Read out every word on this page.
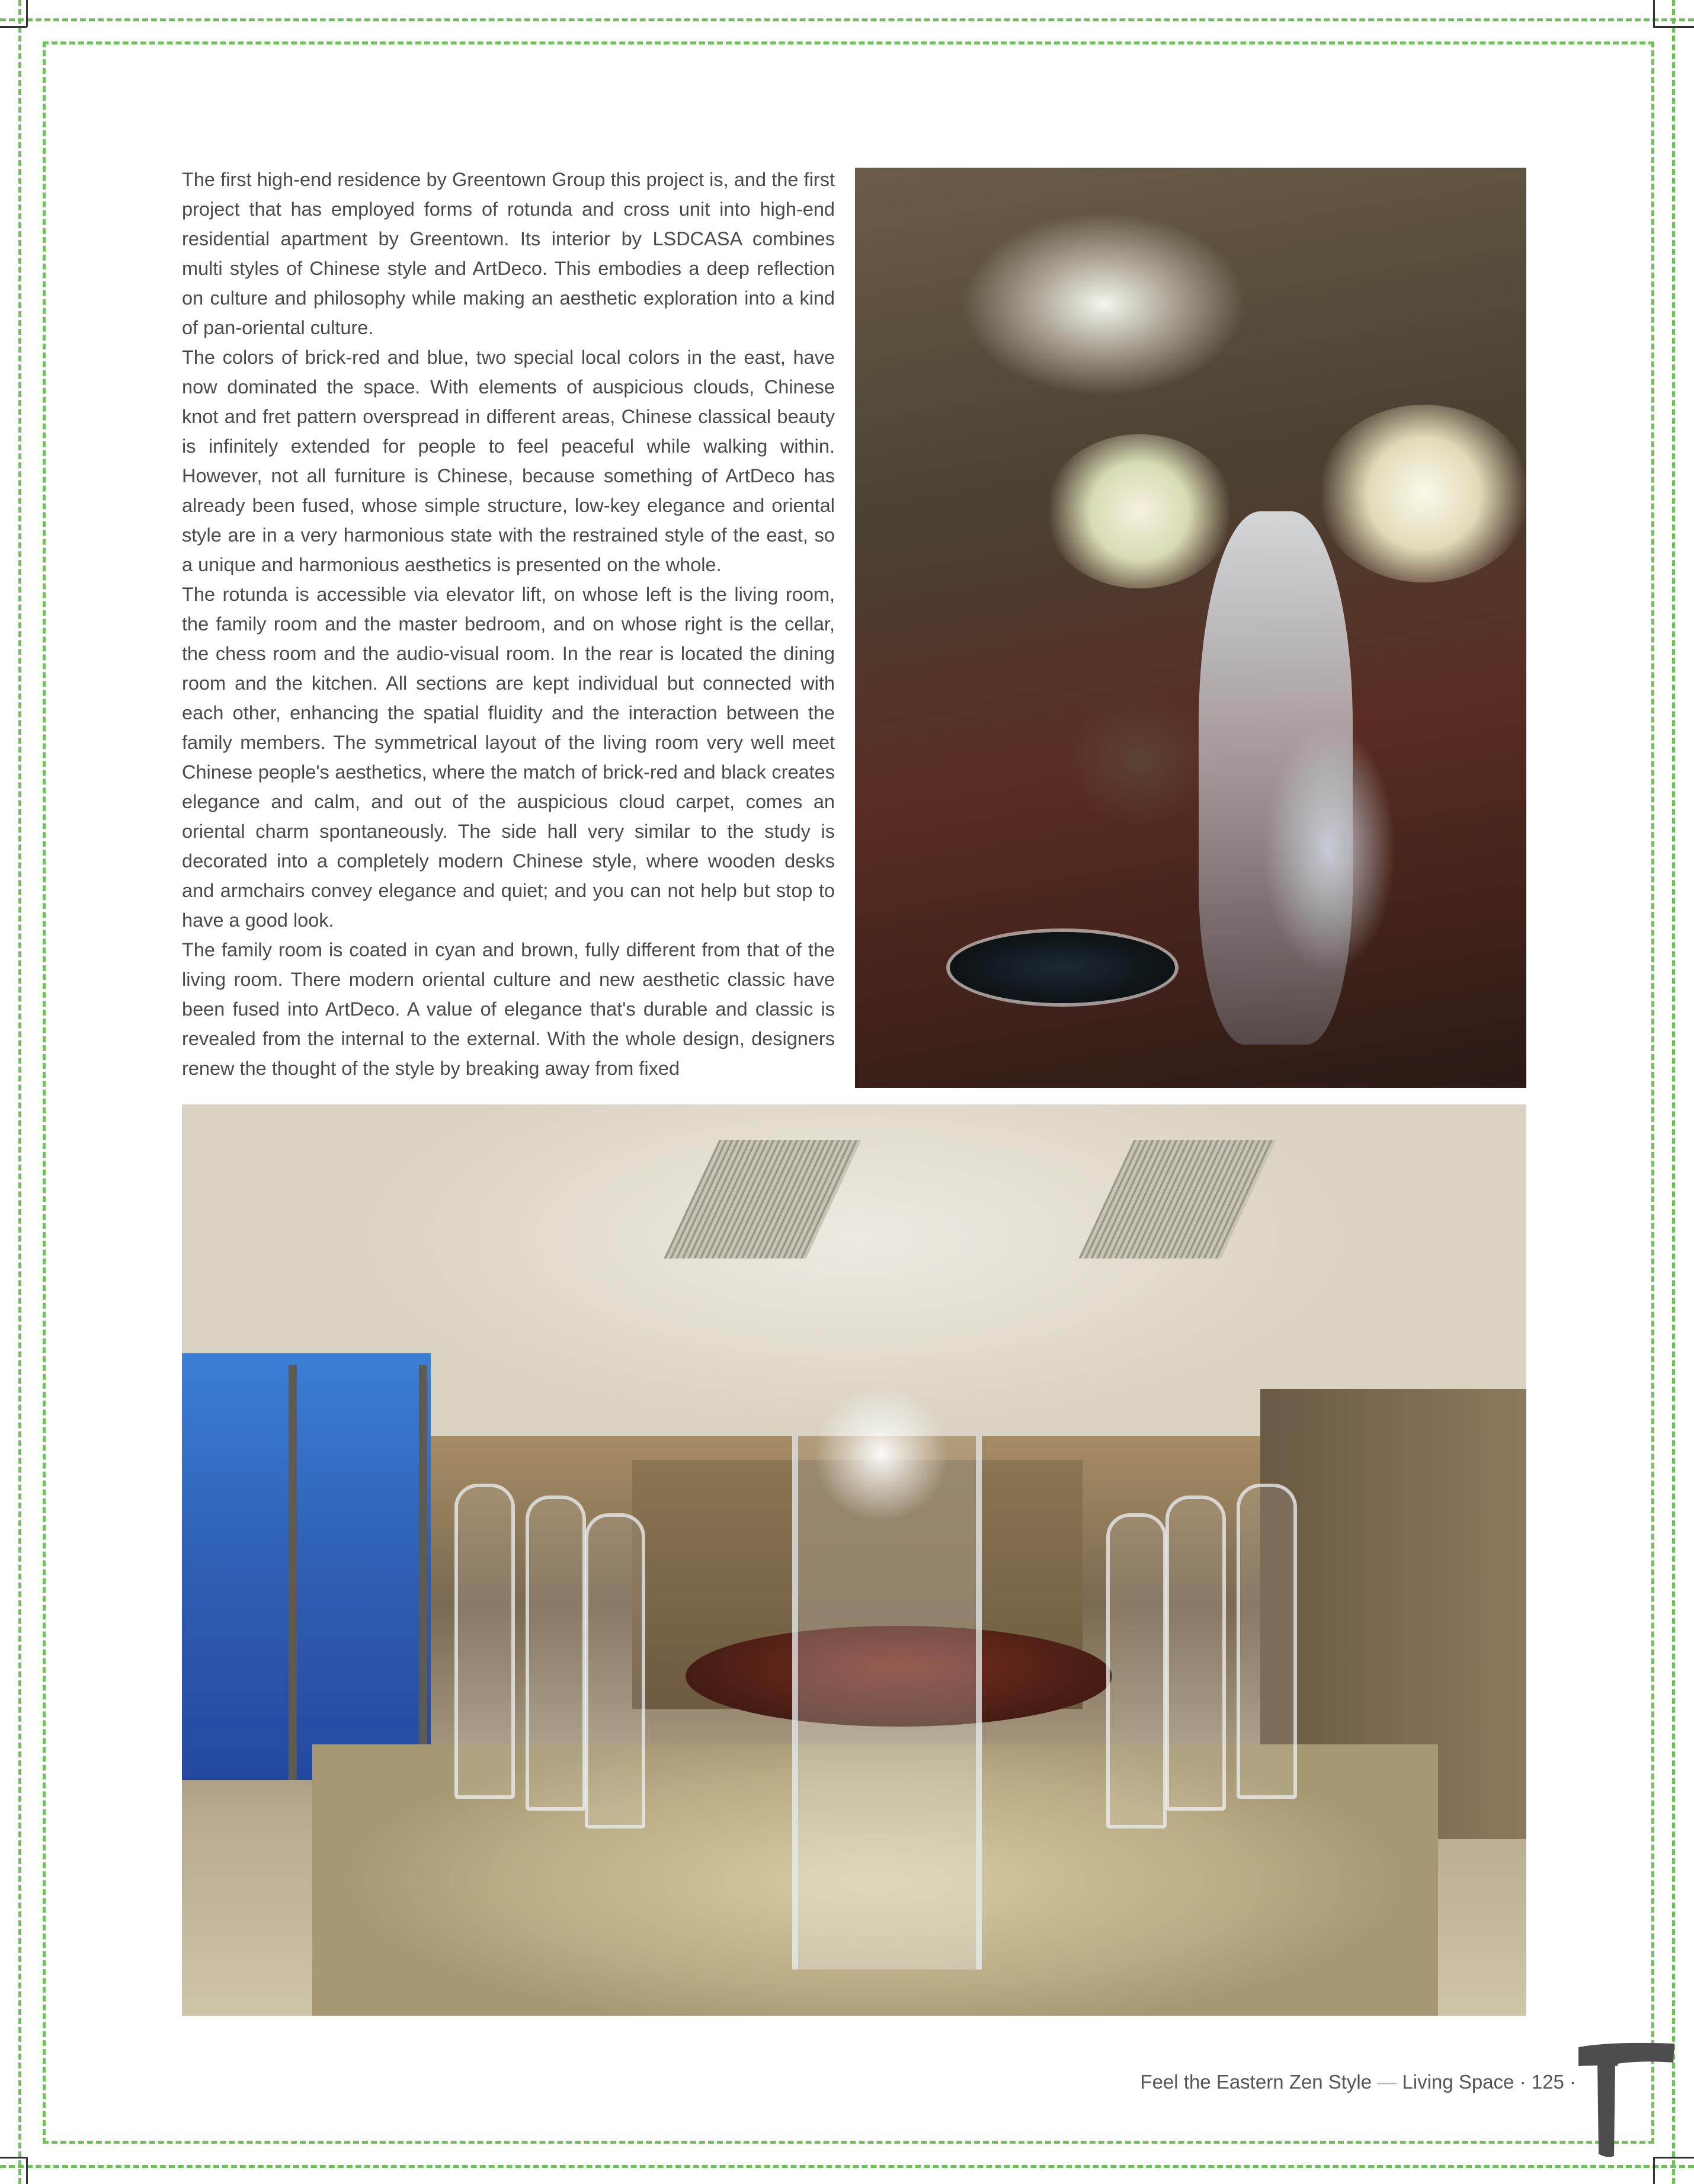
The first high-end residence by Greentown Group this project is, and the first project that has employed forms of rotunda and cross unit into high-end residential apartment by Greentown. Its interior by LSDCASA combines multi styles of Chinese style and ArtDeco. This embodies a deep reflection on culture and philosophy while making an aesthetic exploration into a kind of pan-oriental culture.

The colors of brick-red and blue, two special local colors in the east, have now dominated the space. With elements of auspicious clouds, Chinese knot and fret pattern overspread in different areas, Chinese classical beauty is infinitely extended for people to feel peaceful while walking within. However, not all furniture is Chinese, because something of ArtDeco has already been fused, whose simple structure, low-key elegance and oriental style are in a very harmonious state with the restrained style of the east, so a unique and harmonious aesthetics is presented on the whole.

The rotunda is accessible via elevator lift, on whose left is the living room, the family room and the master bedroom, and on whose right is the cellar, the chess room and the audio-visual room. In the rear is located the dining room and the kitchen. All sections are kept individual but connected with each other, enhancing the spatial fluidity and the interaction between the family members. The symmetrical layout of the living room very well meet Chinese people's aesthetics, where the match of brick-red and black creates elegance and calm, and out of the auspicious cloud carpet, comes an oriental charm spontaneously. The side hall very similar to the study is decorated into a completely modern Chinese style, where wooden desks and armchairs convey elegance and quiet; and you can not help but stop to have a good look.

The family room is coated in cyan and brown, fully different from that of the living room. There modern oriental culture and new aesthetic classic have been fused into ArtDeco. A value of elegance that's durable and classic is revealed from the internal to the external. With the whole design, designers renew the thought of the style by breaking away from fixed

Feel the Eastern Zen Style — Living Space · 125 ·
